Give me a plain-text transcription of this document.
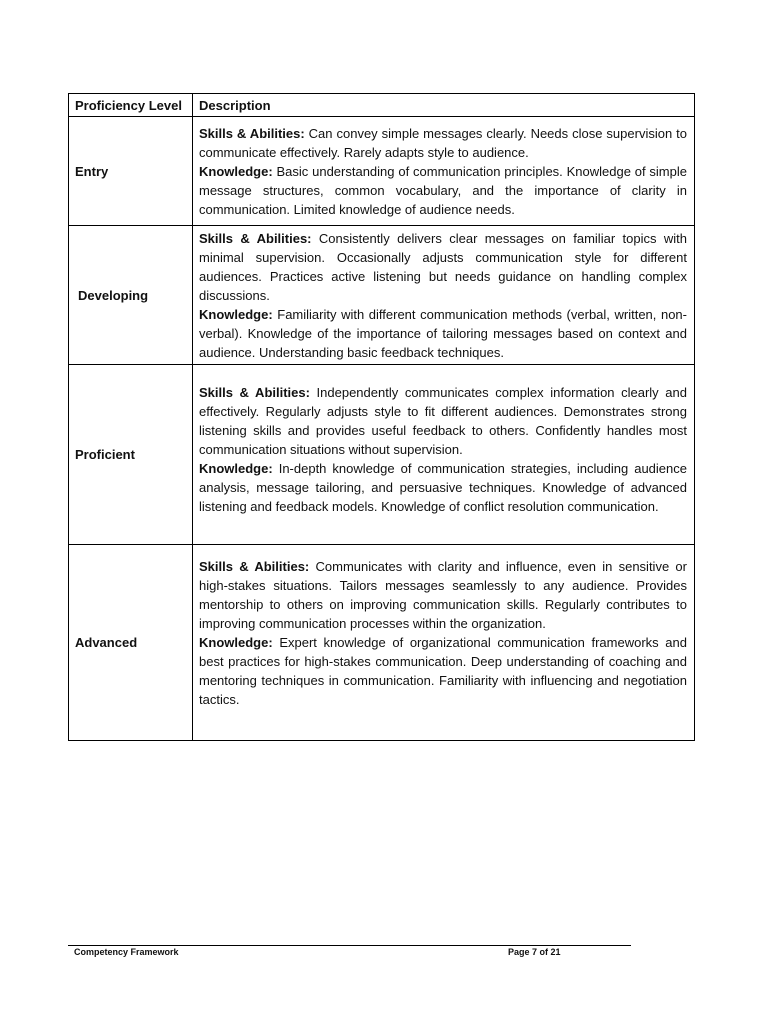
Proficiency Level	Description

Entry	Skills & Abilities: Can convey simple messages clearly. Needs close supervision to communicate effectively. Rarely adapts style to audience.

Knowledge: Basic understanding of communication principles. Knowledge of simple message structures, common vocabulary, and the importance of clarity in communication. Limited knowledge of audience needs.

Developing	Skills & Abilities: Consistently delivers clear messages on familiar topics with minimal supervision. Occasionally adjusts communication style for different audiences. Practices active listening but needs guidance on handling complex discussions.

Knowledge: Familiarity with different communication methods (verbal, written, non-verbal). Knowledge of the importance of tailoring messages based on context and audience. Understanding basic feedback techniques.

Proficient	Skills & Abilities: Independently communicates complex information clearly and effectively. Regularly adjusts style to fit different audiences. Demonstrates strong listening skills and provides useful feedback to others. Confidently handles most communication situations without supervision.

Knowledge: In-depth knowledge of communication strategies, including audience analysis, message tailoring, and persuasive techniques. Knowledge of advanced listening and feedback models. Knowledge of conflict resolution communication.

Advanced	Skills & Abilities: Communicates with clarity and influence, even in sensitive or high-stakes situations. Tailors messages seamlessly to any audience. Provides mentorship to others on improving communication skills. Regularly contributes to improving communication processes within the organization.

Knowledge: Expert knowledge of organizational communication frameworks and best practices for high-stakes communication. Deep understanding of coaching and mentoring techniques in communication. Familiarity with influencing and negotiation tactics.

Competency Framework	Page 7 of 21
